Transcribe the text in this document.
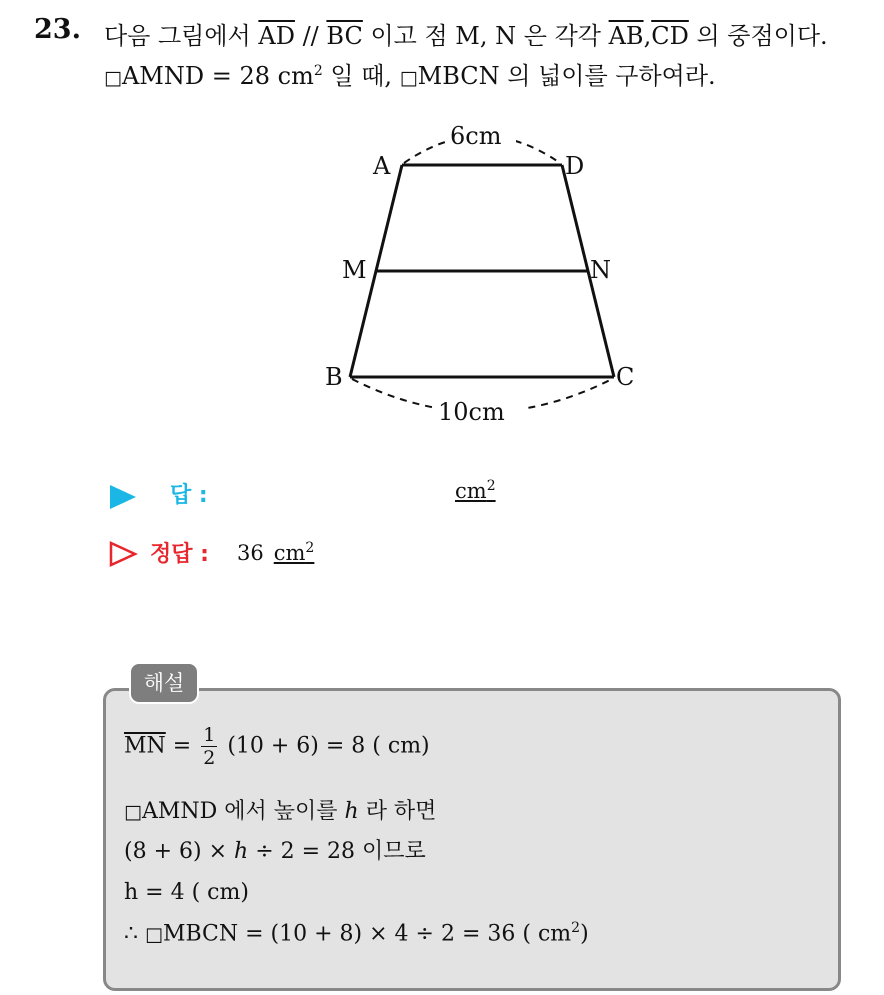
23. 다음 그림에서 $\overline{AD} // \overline{BC}$ 이고 점 M, N 은 각각 $\overline{AB},\overline{CD}$ 의 중점이다.
□AMND = 28 $cm^2$ 일 때, □MBCN 의 넓이를 구하여라.
6cm
10cm
A	D
M	N
B	C
답 :	$cm^2$
정답 : 36 $cm^2$
해설
$\overline{MN} = \frac{1}{2} (10 + 6) = 8$ ( cm)
□AMND 에서 높이를 h 라 하면
(8 + 6) × h ÷ 2 = 28 이므로
h = 4 ( cm)
∴ □MBCN = (10 + 8) × 4 ÷ 2 = 36 ( $cm^2$)
